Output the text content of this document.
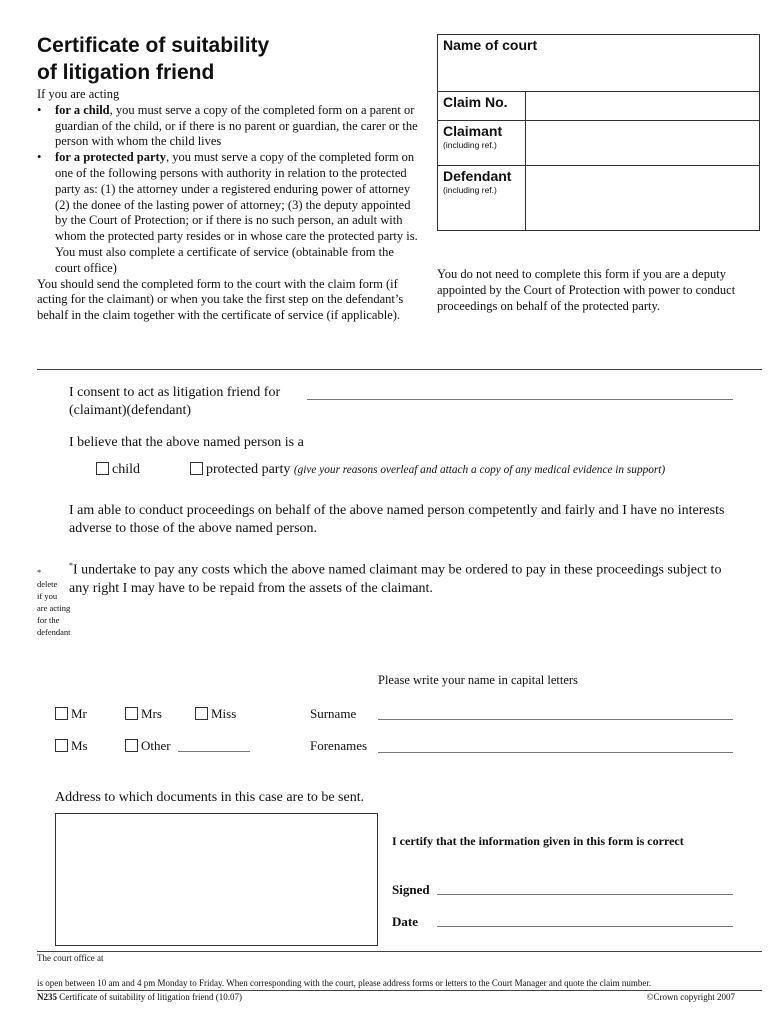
Certificate of suitability
of litigation friend

If you are acting

• for a child, you must serve a copy of the completed form on a parent or guardian of the child, or if there is no parent or guardian, the carer or the person with whom the child lives
• for a protected party, you must serve a copy of the completed form on one of the following persons with authority in relation to the protected party as: (1) the attorney under a registered enduring power of attorney (2) the donee of the lasting power of attorney; (3) the deputy appointed by the Court of Protection; or if there is no such person, an adult with whom the protected party resides or in whose care the protected party is. You must also complete a certificate of service (obtainable from the court office)

You should send the completed form to the court with the claim form (if acting for the claimant) or when you take the first step on the defendant’s behalf in the claim together with the certificate of service (if applicable).

Name of court
Claim No.
Claimant
(including ref.)
Defendant
(including ref.)
You do not need to complete this form if you are a deputy appointed by the Court of Protection with power to conduct proceedings on behalf of the protected party.
I consent to act as litigation friend for
(claimant)(defendant)
I believe that the above named person is a
child	protected party (give your reasons overleaf and attach a copy of any medical evidence in support)
I am able to conduct proceedings on behalf of the above named person competently and fairly and I have no interests adverse to those of the above named person.
*I undertake to pay any costs which the above named claimant may be ordered to pay in these proceedings subject to any right I may have to be repaid from the assets of the claimant.
*
delete
if you
are acting
for the
defendant
Please write your name in capital letters
Mr	Mrs	Miss
Ms	Other
Surname
Forenames
Address to which documents in this case are to be sent.
I certify that the information given in this form is correct
Signed
Date
The court office at
is open between 10 am and 4 pm Monday to Friday. When corresponding with the court, please address forms or letters to the Court Manager and quote the claim number.
N235 Certificate of suitability of litigation friend (10.07)	©Crown copyright 2007
